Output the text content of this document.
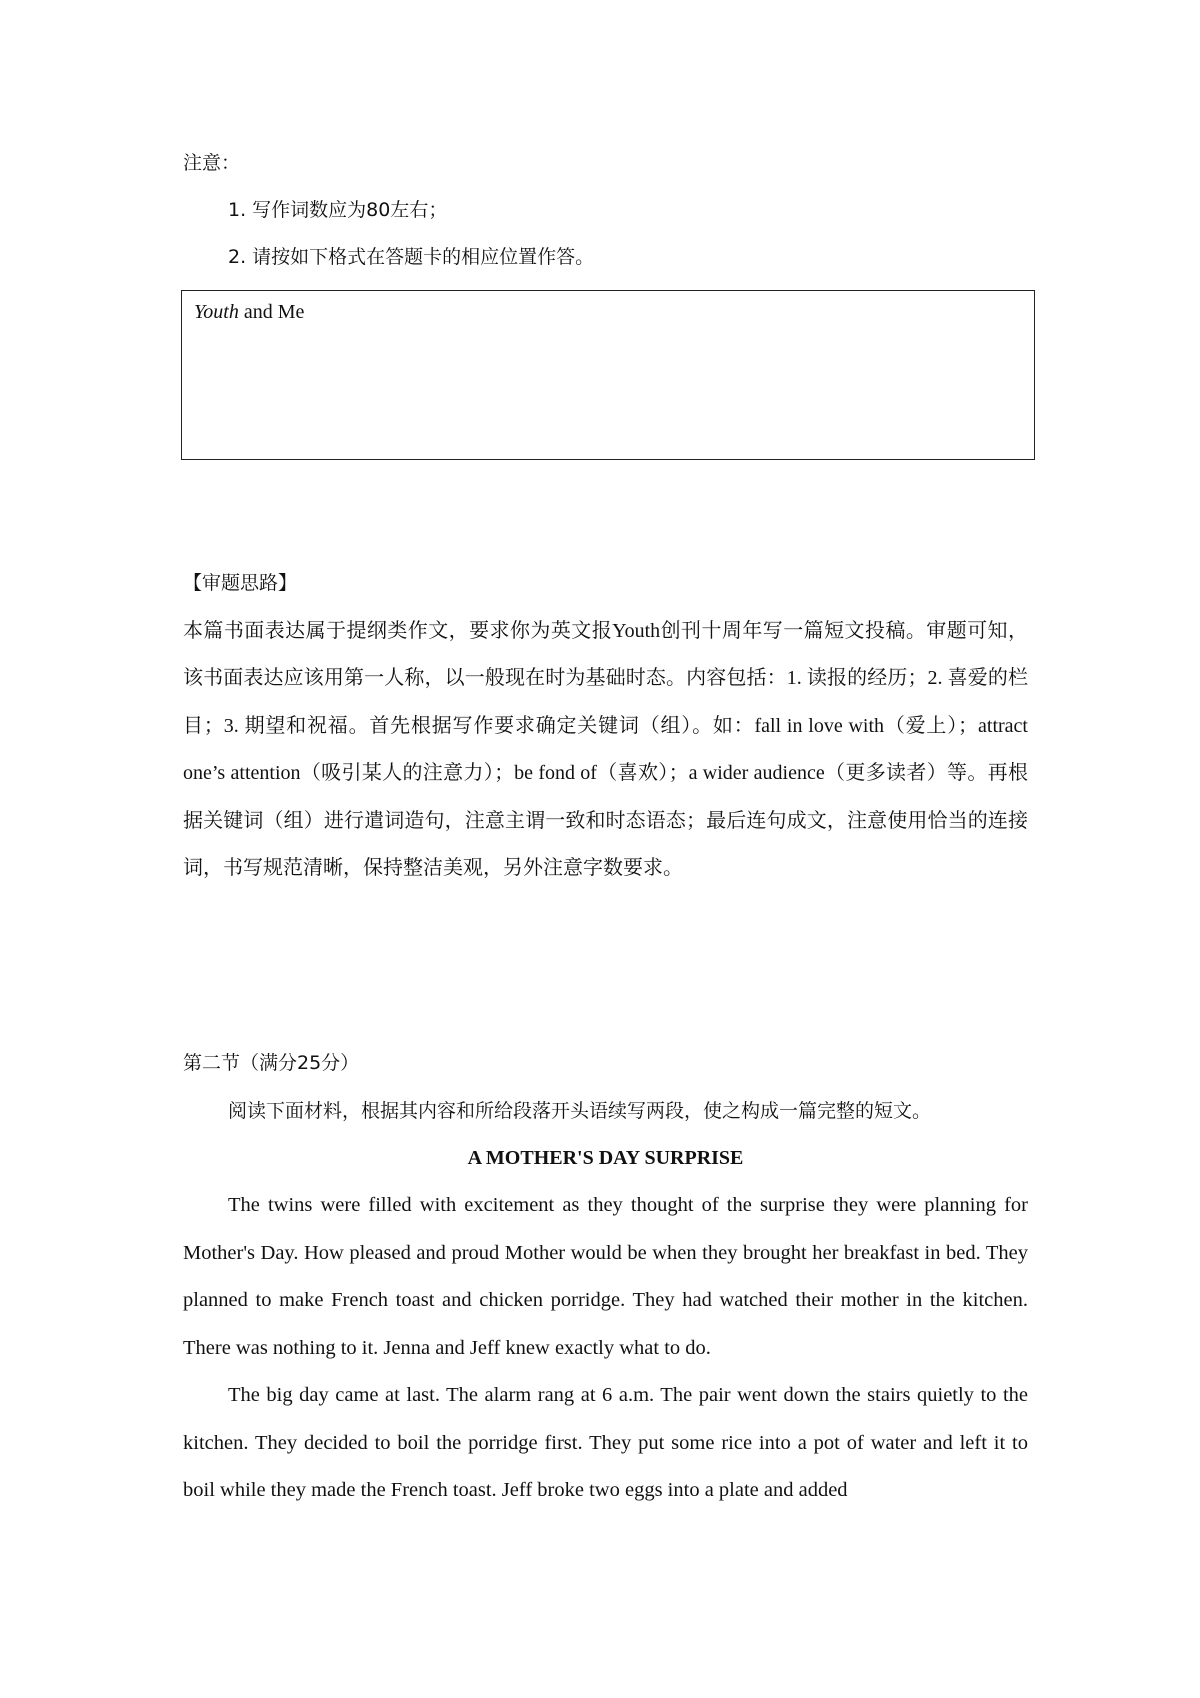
注意：

1. 写作词数应为80左右；

2. 请按如下格式在答题卡的相应位置作答。

Youth and Me

【审题思路】

本篇书面表达属于提纲类作文，要求你为英文报Youth创刊十周年写一篇短文投稿。审题可知，该书面表达应该用第一人称，以一般现在时为基础时态。内容包括：1. 读报的经历；2. 喜爱的栏目；3. 期望和祝福。首先根据写作要求确定关键词（组）。如：fall in love with（爱上）；attract one’s attention（吸引某人的注意力）；be fond of（喜欢）；a wider audience（更多读者）等。再根据关键词（组）进行遣词造句，注意主谓一致和时态语态；最后连句成文，注意使用恰当的连接词，书写规范清晰，保持整洁美观，另外注意字数要求。

第二节（满分25分）

阅读下面材料，根据其内容和所给段落开头语续写两段，使之构成一篇完整的短文。

A MOTHER'S DAY SURPRISE

The twins were filled with excitement as they thought of the surprise they were planning for Mother's Day. How pleased and proud Mother would be when they brought her breakfast in bed. They planned to make French toast and chicken porridge. They had watched their mother in the kitchen. There was nothing to it. Jenna and Jeff knew exactly what to do.

The big day came at last. The alarm rang at 6 a.m. The pair went down the stairs quietly to the kitchen. They decided to boil the porridge first. They put some rice into a pot of water and left it to boil while they made the French toast. Jeff broke two eggs into a plate and added
